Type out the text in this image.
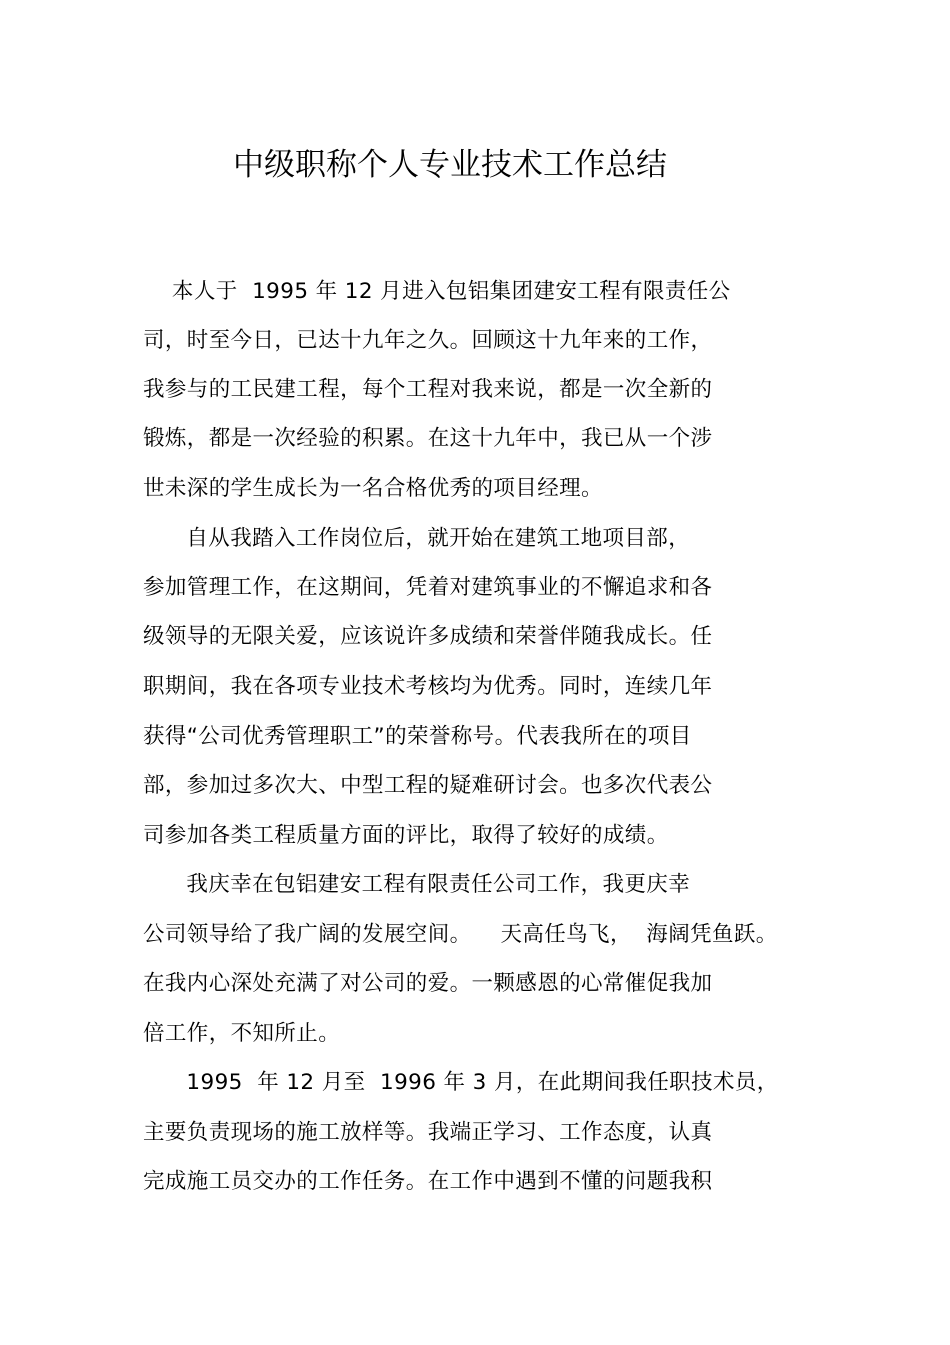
中级职称个人专业技术工作总结
本人于  1995 年 12 月进入包铝集团建安工程有限责任公
司，时至今日，已达十九年之久。回顾这十九年来的工作，
我参与的工民建工程，每个工程对我来说，都是一次全新的
锻炼，都是一次经验的积累。在这十九年中，我已从一个涉
世未深的学生成长为一名合格优秀的项目经理。
自从我踏入工作岗位后，就开始在建筑工地项目部，
参加管理工作，在这期间，凭着对建筑事业的不懈追求和各
级领导的无限关爱，应该说许多成绩和荣誉伴随我成长。任
职期间，我在各项专业技术考核均为优秀。同时，连续几年
获得“公司优秀管理职工”的荣誉称号。代表我所在的项目
部，参加过多次大、中型工程的疑难研讨会。也多次代表公
司参加各类工程质量方面的评比，取得了较好的成绩。
我庆幸在包铝建安工程有限责任公司工作，我更庆幸
公司领导给了我广阔的发展空间。    天高任鸟飞，  海阔凭鱼跃。
在我内心深处充满了对公司的爱。一颗感恩的心常催促我加
倍工作，不知所止。
1995  年 12 月至  1996 年 3 月，在此期间我任职技术员，
主要负责现场的施工放样等。我端正学习、工作态度，认真
完成施工员交办的工作任务。在工作中遇到不懂的问题我积
